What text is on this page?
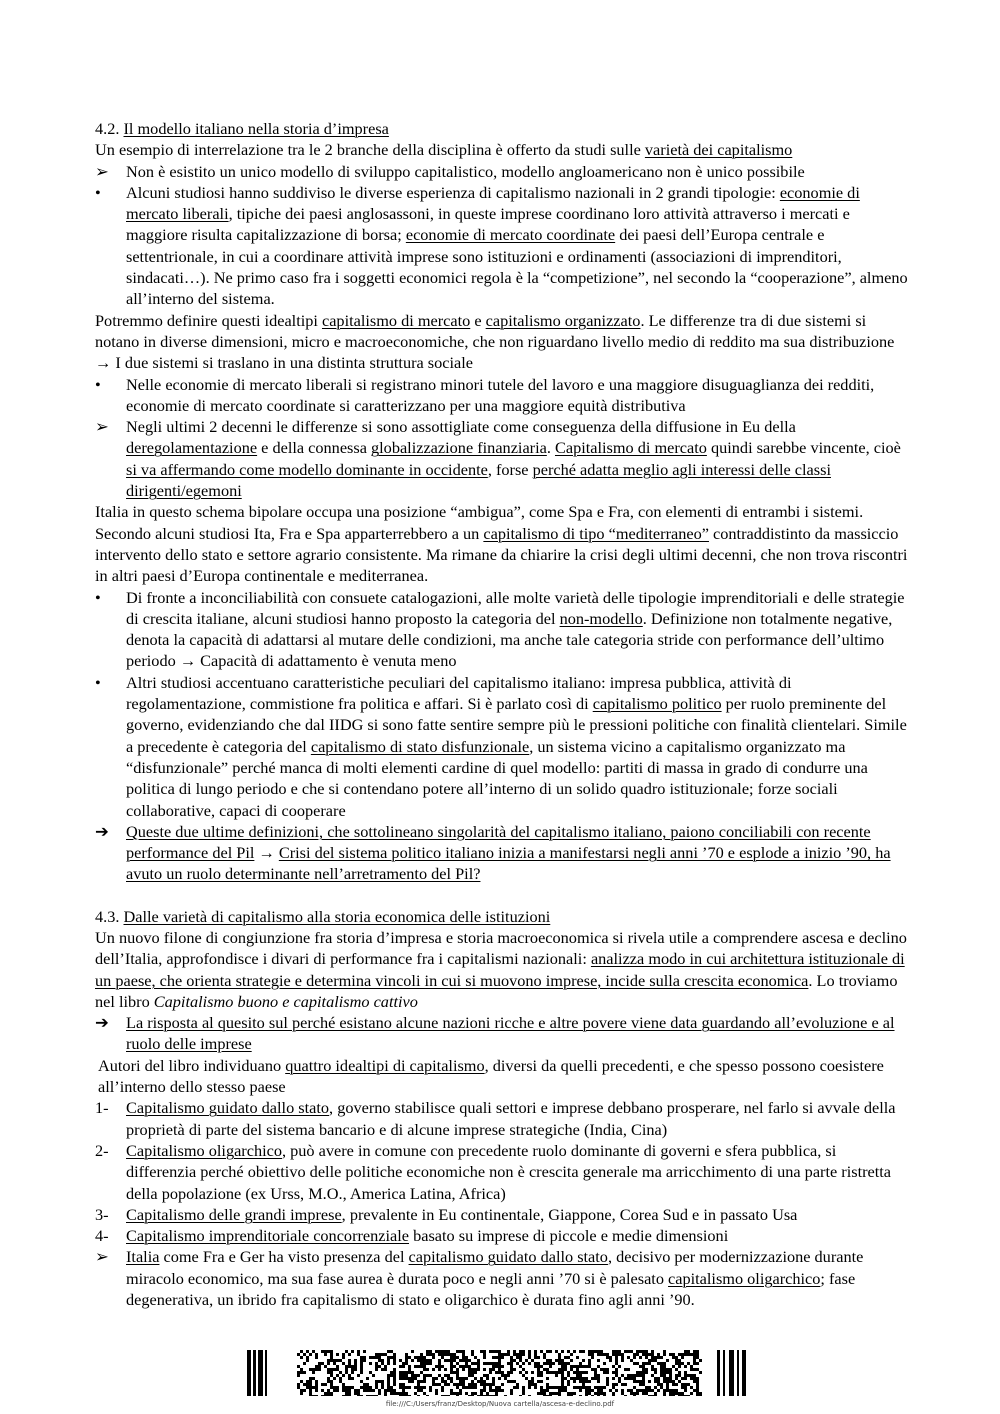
4.2. Il modello italiano nella storia d’impresa

Un esempio di interrelazione tra le 2 branche della disciplina è offerto da studi sulle varietà dei capitalismo

➢	Non è esistito un unico modello di sviluppo capitalistico, modello angloamericano non è unico possibile
•	Alcuni studiosi hanno suddiviso le diverse esperienza di capitalismo nazionali in 2 grandi tipologie: economie di mercato liberali, tipiche dei paesi anglosassoni, in queste imprese coordinano loro attività attraverso i mercati e maggiore risulta capitalizzazione di borsa; economie di mercato coordinate dei paesi dell’Europa centrale e settentrionale, in cui a coordinare attività imprese sono istituzioni e ordinamenti (associazioni di imprenditori, sindacati…). Ne primo caso fra i soggetti economici regola è la “competizione”, nel secondo la “cooperazione”, almeno all’interno del sistema.

Potremmo definire questi idealtipi capitalismo di mercato e capitalismo organizzato. Le differenze tra di due sistemi si notano in diverse dimensioni, micro e macroeconomiche, che non riguardano livello medio di reddito ma sua distribuzione → I due sistemi si traslano in una distinta struttura sociale

•	Nelle economie di mercato liberali si registrano minori tutele del lavoro e una maggiore disuguaglianza dei redditi, economie di mercato coordinate si caratterizzano per una maggiore equità distributiva
➢	Negli ultimi 2 decenni le differenze si sono assottigliate come conseguenza della diffusione in Eu della deregolamentazione e della connessa globalizzazione finanziaria. Capitalismo di mercato quindi sarebbe vincente, cioè si va affermando come modello dominante in occidente, forse perché adatta meglio agli interessi delle classi dirigenti/egemoni

Italia in questo schema bipolare occupa una posizione “ambigua”, come Spa e Fra, con elementi di entrambi i sistemi. Secondo alcuni studiosi Ita, Fra e Spa apparterrebbero a un capitalismo di tipo “mediterraneo” contraddistinto da massiccio intervento dello stato e settore agrario consistente. Ma rimane da chiarire la crisi degli ultimi decenni, che non trova riscontri in altri paesi d’Europa continentale e mediterranea.

•	Di fronte a inconciliabilità con consuete catalogazioni, alle molte varietà delle tipologie imprenditoriali e delle strategie di crescita italiane, alcuni studiosi hanno proposto la categoria del non-modello. Definizione non totalmente negative, denota la capacità di adattarsi al mutare delle condizioni, ma anche tale categoria stride con performance dell’ultimo periodo → Capacità di adattamento è venuta meno
•	Altri studiosi accentuano caratteristiche peculiari del capitalismo italiano: impresa pubblica, attività di regolamentazione, commistione fra politica e affari. Si è parlato così di capitalismo politico per ruolo preminente del governo, evidenziando che dal IIDG si sono fatte sentire sempre più le pressioni politiche con finalità clientelari. Simile a precedente è categoria del capitalismo di stato disfunzionale, un sistema vicino a capitalismo organizzato ma “disfunzionale” perché manca di molti elementi cardine di quel modello: partiti di massa in grado di condurre una politica di lungo periodo e che si contendano potere all’interno di un solido quadro istituzionale; forze sociali collaborative, capaci di cooperare
➔	Queste due ultime definizioni, che sottolineano singolarità del capitalismo italiano, paiono conciliabili con recente performance del Pil → Crisi del sistema politico italiano inizia a manifestarsi negli anni ’70 e esplode a inizio ’90, ha avuto un ruolo determinante nell’arretramento del Pil?

4.3. Dalle varietà di capitalismo alla storia economica delle istituzioni

Un nuovo filone di congiunzione fra storia d’impresa e storia macroeconomica si rivela utile a comprendere ascesa e declino dell’Italia, approfondisce i divari di performance fra i capitalismi nazionali: analizza modo in cui architettura istituzionale di un paese, che orienta strategie e determina vincoli in cui si muovono imprese, incide sulla crescita economica. Lo troviamo nel libro Capitalismo buono e capitalismo cattivo

➔	La risposta al quesito sul perché esistano alcune nazioni ricche e altre povere viene data guardando all’evoluzione e al ruolo delle imprese

Autori del libro individuano quattro idealtipi di capitalismo, diversi da quelli precedenti, e che spesso possono coesistere all’interno dello stesso paese

1-	Capitalismo guidato dallo stato, governo stabilisce quali settori e imprese debbano prosperare, nel farlo si avvale della proprietà di parte del sistema bancario e di alcune imprese strategiche (India, Cina)
2-	Capitalismo oligarchico, può avere in comune con precedente ruolo dominante di governi e sfera pubblica, si differenzia perché obiettivo delle politiche economiche non è crescita generale ma arricchimento di una parte ristretta della popolazione (ex Urss, M.O., America Latina, Africa)
3-	Capitalismo delle grandi imprese, prevalente in Eu continentale, Giappone, Corea Sud e in passato Usa
4-	Capitalismo imprenditoriale concorrenziale basato su imprese di piccole e medie dimensioni
➢	Italia come Fra e Ger ha visto presenza del capitalismo guidato dallo stato, decisivo per modernizzazione durante miracolo economico, ma sua fase aurea è durata poco e negli anni ’70 si è palesato capitalismo oligarchico; fase degenerativa, un ibrido fra capitalismo di stato e oligarchico è durata fino agli anni ’90.
file:///C:/Users/franz/Desktop/Nuova cartella/ascesa-e-declino.pdf
